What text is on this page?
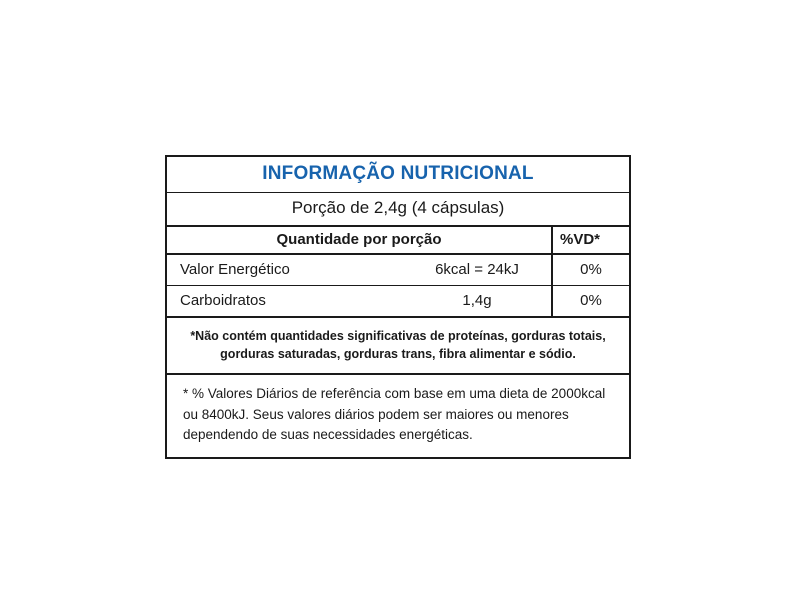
INFORMAÇÃO NUTRICIONAL
Porção de 2,4g (4 cápsulas)
Quantidade por porção	%VD*
Valor Energético	6kcal = 24kJ	0%
Carboidratos	1,4g	0%
*Não contém quantidades significativas de proteínas, gorduras totais, gorduras saturadas, gorduras trans, fibra alimentar e sódio.
* % Valores Diários de referência com base em uma dieta de 2000kcal ou 8400kJ. Seus valores diários podem ser maiores ou menores dependendo de suas necessidades energéticas.
